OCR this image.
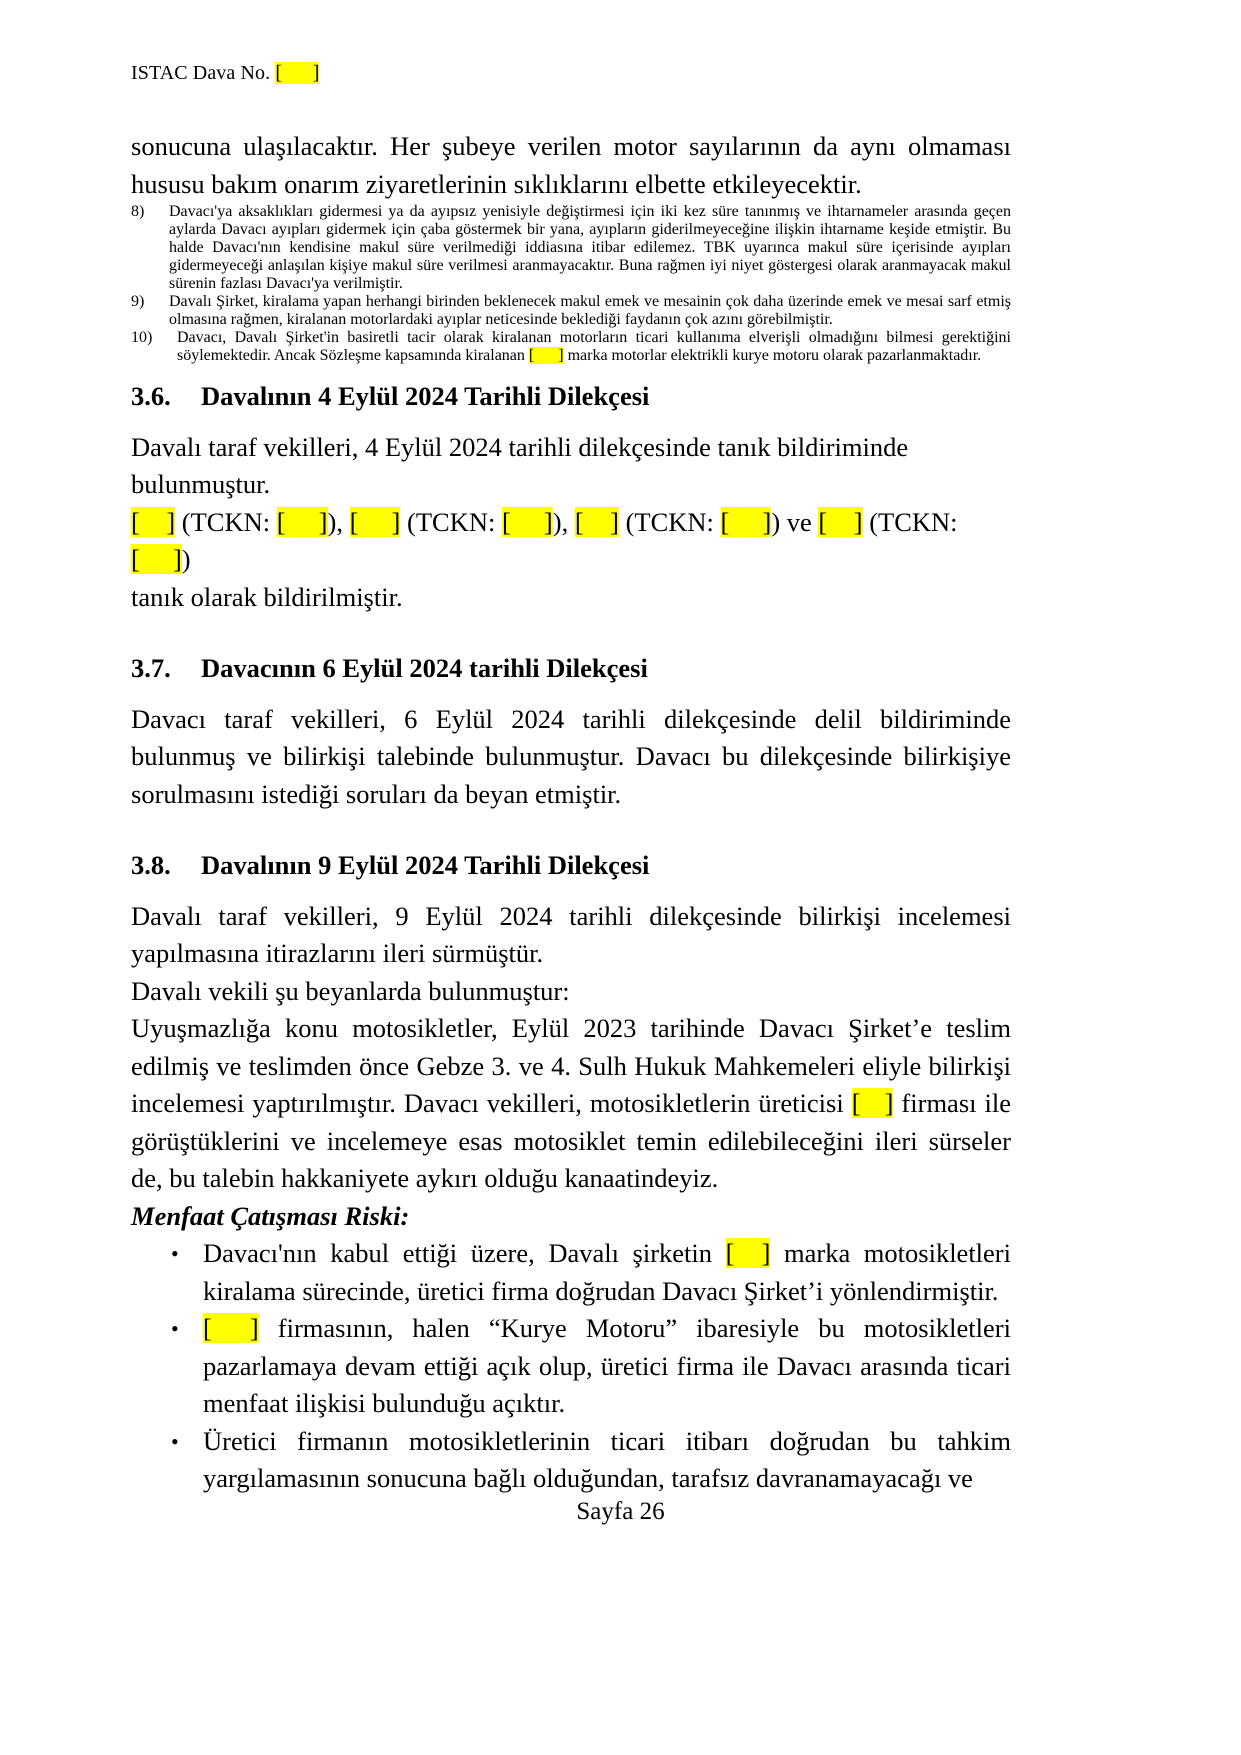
ISTAC Dava No. [      ]

sonucuna ulaşılacaktır. Her şubeye verilen motor sayılarının da aynı olmaması hususu bakım onarım ziyaretlerinin sıklıklarını elbette etkileyecektir.

8) Davacı'ya aksaklıkları gidermesi ya da ayıpsız yenisiyle değiştirmesi için iki kez süre tanınmış ve ihtarnameler arasında geçen aylarda Davacı ayıpları gidermek için çaba göstermek bir yana, ayıpların giderilmeyeceğine ilişkin ihtarname keşide etmiştir. Bu halde Davacı'nın kendisine makul süre verilmediği iddiasına itibar edilemez. TBK uyarınca makul süre içerisinde ayıpları gidermeyeceği anlaşılan kişiye makul süre verilmesi aranmayacaktır. Buna rağmen iyi niyet göstergesi olarak aranmayacak makul sürenin fazlası Davacı'ya verilmiştir.
9) Davalı Şirket, kiralama yapan herhangi birinden beklenecek makul emek ve mesainin çok daha üzerinde emek ve mesai sarf etmiş olmasına rağmen, kiralanan motorlardaki ayıplar neticesinde beklediği faydanın çok azını görebilmiştir.
10) Davacı, Davalı Şirket'in basiretli tacir olarak kiralanan motorların ticari kullanıma elverişli olmadığını bilmesi gerektiğini söylemektedir. Ancak Sözleşme kapsamında kiralanan [      ] marka motorlar elektrikli kurye motoru olarak pazarlanmaktadır.
3.6.	Davalının 4 Eylül 2024 Tarihli Dilekçesi

Davalı taraf vekilleri, 4 Eylül 2024 tarihli dilekçesinde tanık bildiriminde bulunmuştur.

[    ] (TCKN: [     ]), [     ] (TCKN: [     ]), [    ] (TCKN: [     ]) ve [    ] (TCKN: [     ])

tanık olarak bildirilmiştir.

3.7.	Davacının 6 Eylül 2024 tarihli Dilekçesi

Davacı taraf vekilleri, 6 Eylül 2024 tarihli dilekçesinde delil bildiriminde bulunmuş ve bilirkişi talebinde bulunmuştur. Davacı bu dilekçesinde bilirkişiye sorulmasını istediği soruları da beyan etmiştir.

3.8.	Davalının 9 Eylül 2024 Tarihli Dilekçesi

Davalı taraf vekilleri, 9 Eylül 2024 tarihli dilekçesinde bilirkişi incelemesi yapılmasına itirazlarını ileri sürmüştür.

Davalı vekili şu beyanlarda bulunmuştur:

Uyuşmazlığa konu motosikletler, Eylül 2023 tarihinde Davacı Şirket’e teslim edilmiş ve teslimden önce Gebze 3. ve 4. Sulh Hukuk Mahkemeleri eliyle bilirkişi incelemesi yaptırılmıştır. Davacı vekilleri, motosikletlerin üreticisi [   ] firması ile görüştüklerini ve incelemeye esas motosiklet temin edilebileceğini ileri sürseler de, bu talebin hakkaniyete aykırı olduğu kanaatindeyiz.

Menfaat Çatışması Riski:
• Davacı'nın kabul ettiği üzere, Davalı şirketin [  ] marka motosikletleri kiralama sürecinde, üretici firma doğrudan Davacı Şirket’i yönlendirmiştir.
• [  ] firmasının, halen “Kurye Motoru” ibaresiyle bu motosikletleri pazarlamaya devam ettiği açık olup, üretici firma ile Davacı arasında ticari menfaat ilişkisi bulunduğu açıktır.
• Üretici firmanın motosikletlerinin ticari itibarı doğrudan bu tahkim yargılamasının sonucuna bağlı olduğundan, tarafsız davranamayacağı ve
Sayfa 26
